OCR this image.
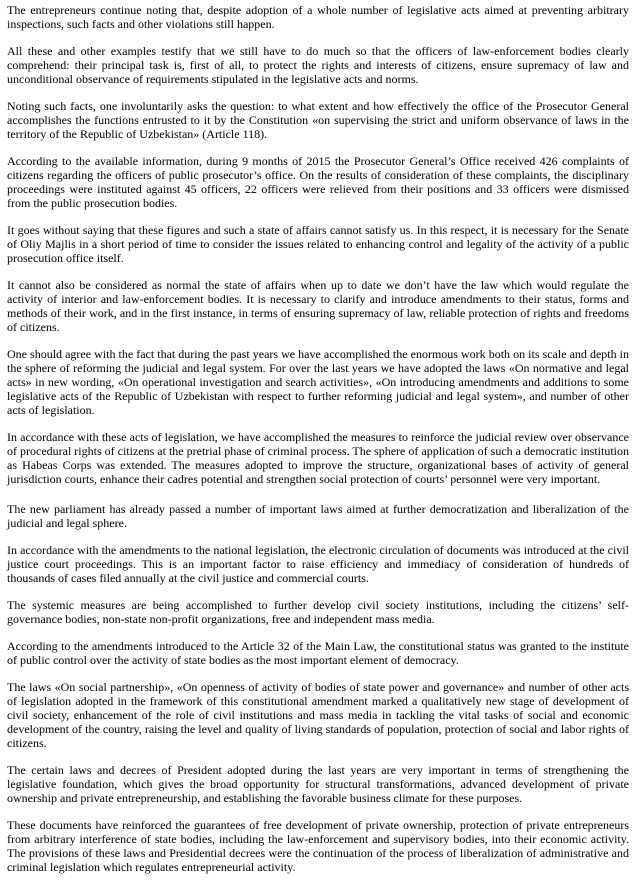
The entrepreneurs continue noting that, despite adoption of a whole number of legislative acts aimed at preventing arbitrary inspections, such facts and other violations still happen.

All these and other examples testify that we still have to do much so that the officers of law-enforcement bodies clearly comprehend: their principal task is, first of all, to protect the rights and interests of citizens, ensure supremacy of law and unconditional observance of requirements stipulated in the legislative acts and norms.

Noting such facts, one involuntarily asks the question: to what extent and how effectively the office of the Prosecutor General accomplishes the functions entrusted to it by the Constitution «on supervising the strict and uniform observance of laws in the territory of the Republic of Uzbekistan» (Article 118).

According to the available information, during 9 months of 2015 the Prosecutor General’s Office received 426 complaints of citizens regarding the officers of public prosecutor’s office. On the results of consideration of these complaints, the disciplinary proceedings were instituted against 45 officers, 22 officers were relieved from their positions and 33 officers were dismissed from the public prosecution bodies.

It goes without saying that these figures and such a state of affairs cannot satisfy us. In this respect, it is necessary for the Senate of Oliy Majlis in a short period of time to consider the issues related to enhancing control and legality of the activity of a public prosecution office itself.

It cannot also be considered as normal the state of affairs when up to date we don’t have the law which would regulate the activity of interior and law-enforcement bodies. It is necessary to clarify and introduce amendments to their status, forms and methods of their work, and in the first instance, in terms of ensuring supremacy of law, reliable protection of rights and freedoms of citizens.

One should agree with the fact that during the past years we have accomplished the enormous work both on its scale and depth in the sphere of reforming the judicial and legal system. For over the last years we have adopted the laws «On normative and legal acts» in new wording, «On operational investigation and search activities», «On introducing amendments and additions to some legislative acts of the Republic of Uzbekistan with respect to further reforming judicial and legal system», and number of other acts of legislation.

In accordance with these acts of legislation, we have accomplished the measures to reinforce the judicial review over observance of procedural rights of citizens at the pretrial phase of criminal process. The sphere of application of such a democratic institution as Habeas Corps was extended. The measures adopted to improve the structure, organizational bases of activity of general jurisdiction courts, enhance their cadres potential and strengthen social protection of courts’ personnel were very important.

The new parliament has already passed a number of important laws aimed at further democratization and liberalization of the judicial and legal sphere.

In accordance with the amendments to the national legislation, the electronic circulation of documents was introduced at the civil justice court proceedings. This is an important factor to raise efficiency and immediacy of consideration of hundreds of thousands of cases filed annually at the civil justice and commercial courts.

The systemic measures are being accomplished to further develop civil society institutions, including the citizens’ self-governance bodies, non-state non-profit organizations, free and independent mass media.

According to the amendments introduced to the Article 32 of the Main Law, the constitutional status was granted to the institute of public control over the activity of state bodies as the most important element of democracy.

The laws «On social partnership», «On openness of activity of bodies of state power and governance» and number of other acts of legislation adopted in the framework of this constitutional amendment marked a qualitatively new stage of development of civil society, enhancement of the role of civil institutions and mass media in tackling the vital tasks of social and economic development of the country, raising the level and quality of living standards of population, protection of social and labor rights of citizens.

The certain laws and decrees of President adopted during the last years are very important in terms of strengthening the legislative foundation, which gives the broad opportunity for structural transformations, advanced development of private ownership and private entrepreneurship, and establishing the favorable business climate for these purposes.

These documents have reinforced the guarantees of free development of private ownership, protection of private entrepreneurs from arbitrary interference of state bodies, including the law-enforcement and supervisory bodies, into their economic activity. The provisions of these laws and Presidential decrees were the continuation of the process of liberalization of administrative and criminal legislation which regulates entrepreneurial activity.
